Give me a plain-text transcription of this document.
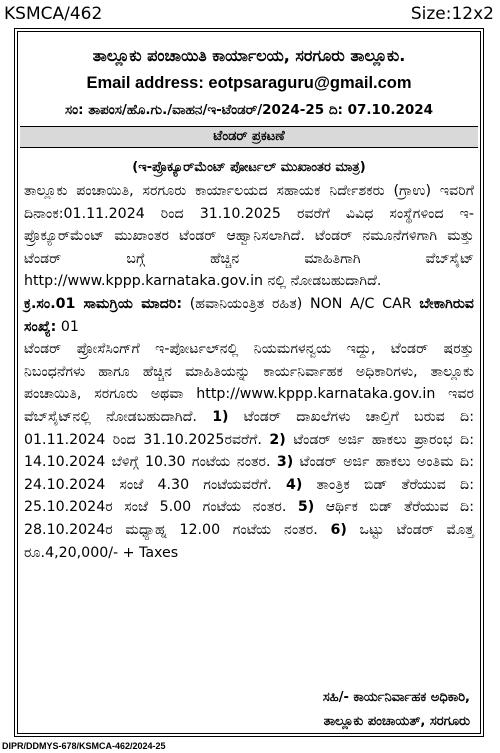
KSMCA/462	Size:12x2
ತಾಲ್ಲೂಕು ಪಂಚಾಯಿತಿ ಕಾರ್ಯಾಲಯ, ಸರಗೂರು ತಾಲ್ಲೂಕು.
Email address: eotpsaraguru@gmail.com
ಸಂ: ತಾಪಂಸ/ಹೊ.ಗು./ವಾಹನ/ಇ-ಟೆಂಡರ್/2024-25 ದಿ: 07.10.2024
ಟೆಂಡರ್ ಪ್ರಕಟಣೆ
(ಇ-ಪ್ರೊಕ್ಯೂರ್‌ಮೆಂಟ್ ಪೋರ್ಟಲ್ ಮುಖಾಂತರ ಮಾತ್ರ)

ತಾಲ್ಲೂಕು ಪಂಚಾಯಿತಿ, ಸರಗೂರು ಕಾರ್ಯಾಲಯದ ಸಹಾಯಕ ನಿರ್ದೇಶಕರು (ಗ್ರಾಉ) ಇವರಿಗೆ ದಿನಾಂಕ:01.11.2024 ರಿಂದ 31.10.2025 ರವರೆಗೆ ವಿವಿಧ ಸಂಸ್ಥೆಗಳಿಂದ ಇ-ಪ್ರೊಕ್ಯೂರ್‌ಮೆಂಟ್ ಮುಖಾಂತರ ಟೆಂಡರ್ ಆಹ್ವಾನಿಸಲಾಗಿದೆ. ಟೆಂಡರ್ ನಮೂನೆಗಳಿಗಾಗಿ ಮತ್ತು ಟೆಂಡರ್ ಬಗ್ಗೆ ಹೆಚ್ಚಿನ ಮಾಹಿತಿಗಾಗಿ ವೆಬ್‌ಸೈಟ್ http://www.kppp.karnataka.gov.in ನಲ್ಲಿ ನೋಡಬಹುದಾಗಿದೆ.

ಕ್ರ.ಸಂ.01 ಸಾಮಗ್ರಿಯ ಮಾದರಿ: (ಹವಾನಿಯಂತ್ರಿತ ರಹಿತ) NON A/C CAR ಬೇಕಾಗಿರುವ ಸಂಖ್ಯೆ: 01

ಟೆಂಡರ್ ಪ್ರೋಸೆಸಿಂಗ್‌ಗೆ ಇ-ಪೋರ್ಟಲ್‌ನಲ್ಲಿ ನಿಯಮಗಳನ್ವಯ ಇದ್ದು, ಟೆಂಡರ್ ಷರತ್ತು ನಿಬಂಧನೆಗಳು ಹಾಗೂ ಹೆಚ್ಚಿನ ಮಾಹಿತಿಯನ್ನು ಕಾರ್ಯನಿರ್ವಾಹಕ ಅಧಿಕಾರಿಗಳು, ತಾಲ್ಲೂಕು ಪಂಚಾಯಿತಿ, ಸರಗೂರು ಅಥವಾ http://www.kppp.karnataka.gov.in ಇವರ ವೆಬ್‌ಸೈಟ್‌ನಲ್ಲಿ ನೋಡಬಹುದಾಗಿದೆ. 1) ಟೆಂಡರ್ ದಾಖಲೆಗಳು ಚಾಲ್ತಿಗೆ ಬರುವ ದಿ: 01.11.2024 ರಿಂದ 31.10.2025ರವರೆಗೆ. 2) ಟೆಂಡರ್ ಅರ್ಜಿ ಹಾಕಲು ಪ್ರಾರಂಭ ದಿ: 14.10.2024 ಬೆಳಿಗ್ಗೆ 10.30 ಗಂಟೆಯ ನಂತರ. 3) ಟೆಂಡರ್ ಅರ್ಜಿ ಹಾಕಲು ಅಂತಿಮ ದಿ: 24.10.2024 ಸಂಜೆ 4.30 ಗಂಟೆಯವರೆಗೆ. 4) ತಾಂತ್ರಿಕ ಬಿಡ್ ತೆರೆಯುವ ದಿ: 25.10.2024ರ ಸಂಜೆ 5.00 ಗಂಟೆಯ ನಂತರ. 5) ಆರ್ಥಿಕ ಬಿಡ್ ತೆರೆಯುವ ದಿ: 28.10.2024ರ ಮಧ್ಯಾಹ್ನ 12.00 ಗಂಟೆಯ ನಂತರ. 6) ಒಟ್ಟು ಟೆಂಡರ್ ಮೊತ್ತ ರೂ.4,20,000/- + Taxes

ಸಹಿ/- ಕಾರ್ಯನಿರ್ವಾಹಕ ಅಧಿಕಾರಿ,
ತಾಲ್ಲೂಕು ಪಂಚಾಯತ್, ಸರಗೂರು
DIPR/DDMYS-678/KSMCA-462/2024-25
